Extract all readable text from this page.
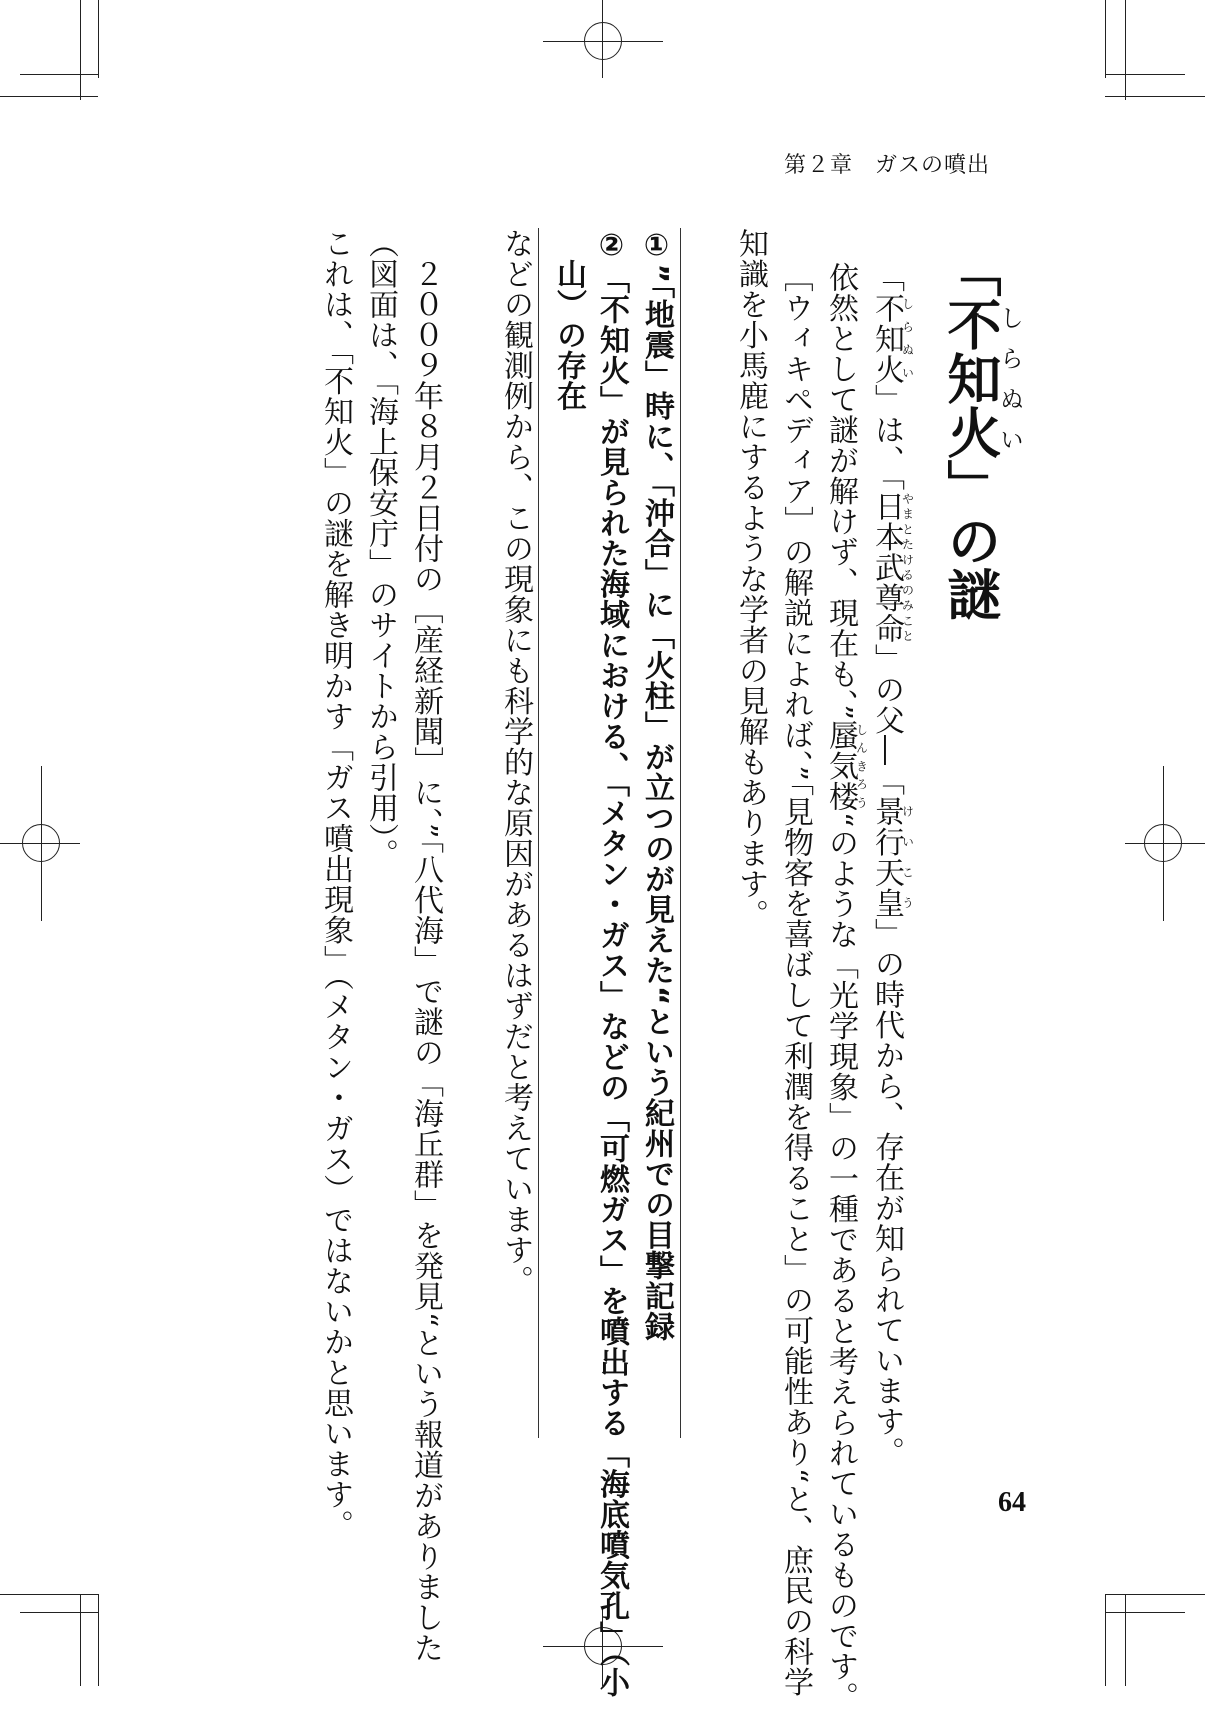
第２章 ガスの噴出
「不知火しらぬい」の謎
「不知火しらぬい」は、「日本武尊命やまとたけるのみこと」の父―「景行天皇けいこう」の時代から、存在が知られています。
依然として謎が解けず、現在も、”蜃気楼しんきろう“のような「光学現象」の一種であると考えられているものです。
［ウィキペディア］の解説によれば、”「見物客を喜ばして利潤を得ること」の可能性あり“と、庶民の科学
知識を小馬鹿にするような学者の見解もあります。
①”「地震」時に、「沖合」に「火柱」が立つのが見えた“という紀州での目撃記録
②「不知火」が見られた海域における、「メタン・ガス」などの「可燃ガス」を噴出する「海底噴気孔」（小
　山）の存在
などの観測例から、この現象にも科学的な原因があるはずだと考えています。
　２００９年８月２日付の［産経新聞］に、”「八代海」で謎の「海丘群」を発見“という報道がありました
（図面は、「海上保安庁」のサイトから引用）。
これは、「不知火」の謎を解き明かす「ガス噴出現象」（メタン・ガス）ではないかと思います。	64
